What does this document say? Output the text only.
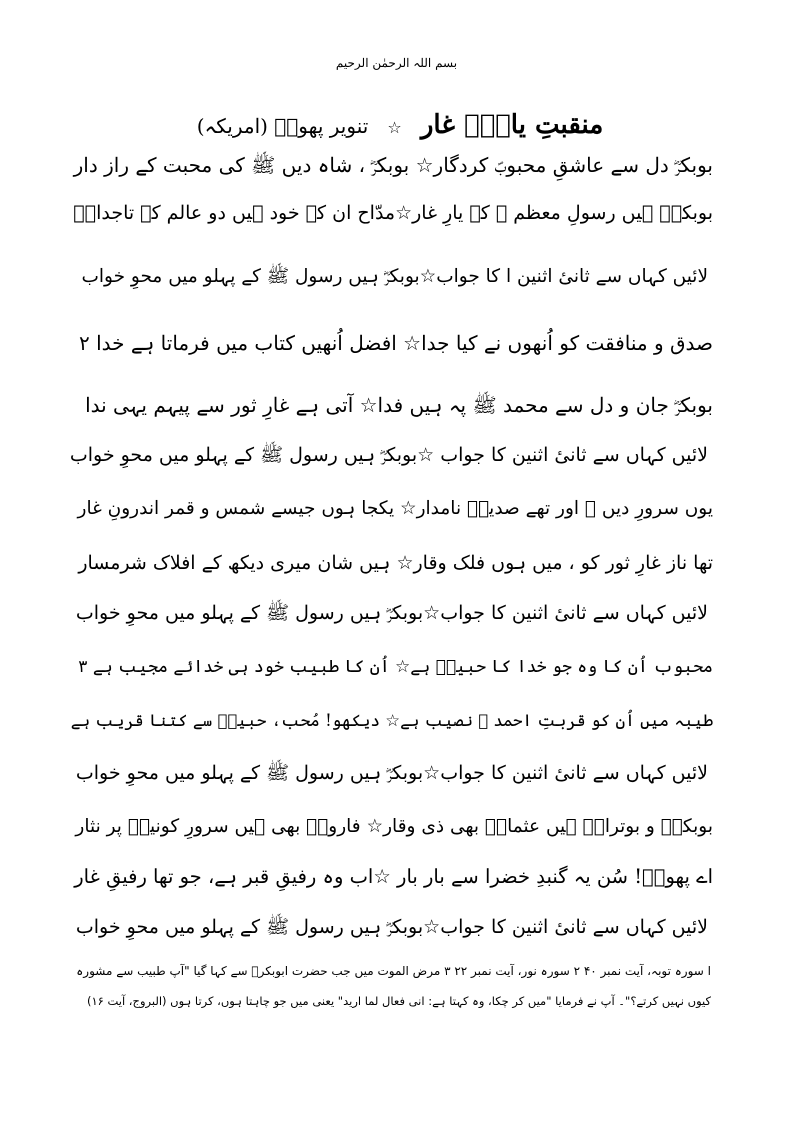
بسم اللہ الرحمٰن الرحیم
منقبتِ یارِؓ غار ☆ تنویر پھولؔ (امریکہ)
بوبکرؓ دل سے عاشقِ محبوبؐ کردگار☆ بوبکرؓ ، شاہ دیں ﷺ کی محبت کے راز دار
بوبکرؓ ہیں رسولِ معظم ﷺ کے یارِ غار☆مدّاح ان کے خود ہیں دو عالم کے تاجدارؐ
لائیں کہاں سے ثانیٔ اثنین ا کا جواب☆بوبکرؓ ہیں رسول ﷺ کے پہلو میں محوِ خواب
صدق و منافقت کو اُنھوں نے کیا جدا☆ افضل اُنھیں کتاب میں فرماتا ہے خدا ۲
بوبکرؓ جان و دل سے محمد ﷺ پہ ہیں فدا☆ آتی ہے غارِ ثور سے پیہم یہی ندا
لائیں کہاں سے ثانیٔ اثنین کا جواب ☆بوبکرؓ ہیں رسول ﷺ کے پہلو میں محوِ خواب
یوں سرورِ دیں ﷺ اور تھے صدیقؓ نامدار☆ یکجا ہوں جیسے شمس و قمر اندرونِ غار
تھا ناز غارِ ثور کو ، میں ہوں فلک وقار☆ ہیں شان میری دیکھ کے افلاک شرمسار
لائیں کہاں سے ثانیٔ اثنین کا جواب☆بوبکرؓ ہیں رسول ﷺ کے پہلو میں محوِ خواب
محبوب اُن کا وہ جو خدا کا حبیبؐ ہے☆ اُن کا طبیب خود ہی خدائے مجیب ہے ۳
طیبہ میں اُن کو قربتِ احمد ﷺ نصیب ہے☆ دیکھو! مُحب، حبیبؐ سے کتنا قریب ہے
لائیں کہاں سے ثانیٔ اثنین کا جواب☆بوبکرؓ ہیں رسول ﷺ کے پہلو میں محوِ خواب
بوبکرؓ و بوترابؓ ہیں عثمانؓ بھی ذی وقار☆ فاروقؓ بھی ہیں سرورِ کونینؐ پر نثار
اے پھولؔ! سُن یہ گنبدِ خضرا سے بار بار ☆اب وہ رفیقِ قبر ہے، جو تھا رفیقِ غار
لائیں کہاں سے ثانیٔ اثنین کا جواب☆بوبکرؓ ہیں رسول ﷺ کے پہلو میں محوِ خواب
ا سورہ توبہ، آیت نمبر ۴۰ ۲ سورہ نور، آیت نمبر ۲۲ ۳ مرض الموت میں جب حضرت ابوبکرؓ سے کہا گیا "آپ طبیب سے مشورہ
کیوں نہیں کرتے؟"۔ آپ نے فرمایا "میں کر چکا، وہ کہتا ہے: انی فعال لما ارید" یعنی میں جو چاہتا ہوں، کرتا ہوں (البروج، آیت ۱۶)
